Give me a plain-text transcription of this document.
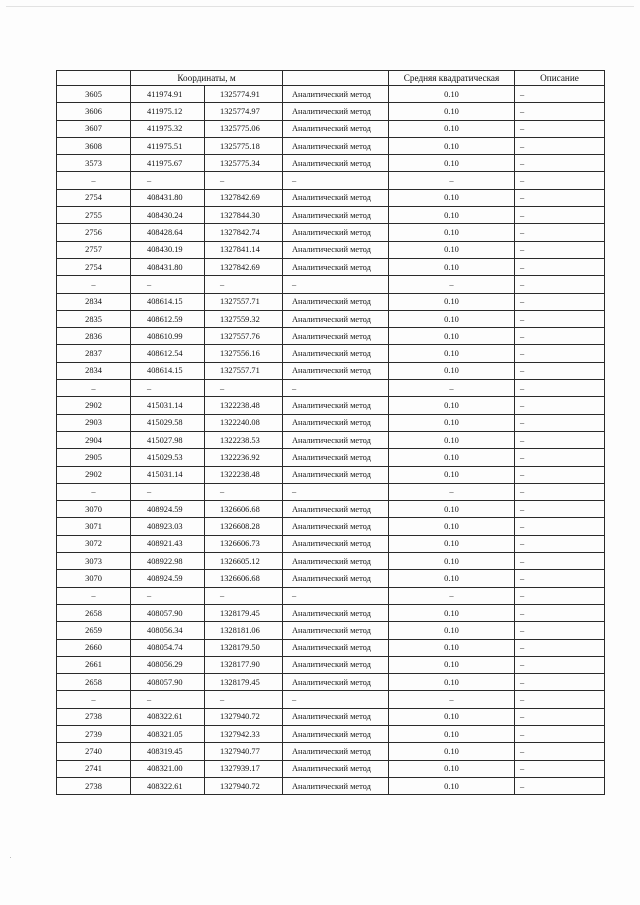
	Координаты, м			Средняя квадратическая	Описание
3605	411974.91	1325774.91	Аналитический метод	0.10	–
3606	411975.12	1325774.97	Аналитический метод	0.10	–
3607	411975.32	1325775.06	Аналитический метод	0.10	–
3608	411975.51	1325775.18	Аналитический метод	0.10	–
3573	411975.67	1325775.34	Аналитический метод	0.10	–
–	–	–	–	–	–
2754	408431.80	1327842.69	Аналитический метод	0.10	–
2755	408430.24	1327844.30	Аналитический метод	0.10	–
2756	408428.64	1327842.74	Аналитический метод	0.10	–
2757	408430.19	1327841.14	Аналитический метод	0.10	–
2754	408431.80	1327842.69	Аналитический метод	0.10	–
–	–	–	–	–	–
2834	408614.15	1327557.71	Аналитический метод	0.10	–
2835	408612.59	1327559.32	Аналитический метод	0.10	–
2836	408610.99	1327557.76	Аналитический метод	0.10	–
2837	408612.54	1327556.16	Аналитический метод	0.10	–
2834	408614.15	1327557.71	Аналитический метод	0.10	–
–	–	–	–	–	–
2902	415031.14	1322238.48	Аналитический метод	0.10	–
2903	415029.58	1322240.08	Аналитический метод	0.10	–
2904	415027.98	1322238.53	Аналитический метод	0.10	–
2905	415029.53	1322236.92	Аналитический метод	0.10	–
2902	415031.14	1322238.48	Аналитический метод	0.10	–
–	–	–	–	–	–
3070	408924.59	1326606.68	Аналитический метод	0.10	–
3071	408923.03	1326608.28	Аналитический метод	0.10	–
3072	408921.43	1326606.73	Аналитический метод	0.10	–
3073	408922.98	1326605.12	Аналитический метод	0.10	–
3070	408924.59	1326606.68	Аналитический метод	0.10	–
–	–	–	–	–	–
2658	408057.90	1328179.45	Аналитический метод	0.10	–
2659	408056.34	1328181.06	Аналитический метод	0.10	–
2660	408054.74	1328179.50	Аналитический метод	0.10	–
2661	408056.29	1328177.90	Аналитический метод	0.10	–
2658	408057.90	1328179.45	Аналитический метод	0.10	–
–	–	–	–	–	–
2738	408322.61	1327940.72	Аналитический метод	0.10	–
2739	408321.05	1327942.33	Аналитический метод	0.10	–
2740	408319.45	1327940.77	Аналитический метод	0.10	–
2741	408321.00	1327939.17	Аналитический метод	0.10	–
2738	408322.61	1327940.72	Аналитический метод	0.10	–
